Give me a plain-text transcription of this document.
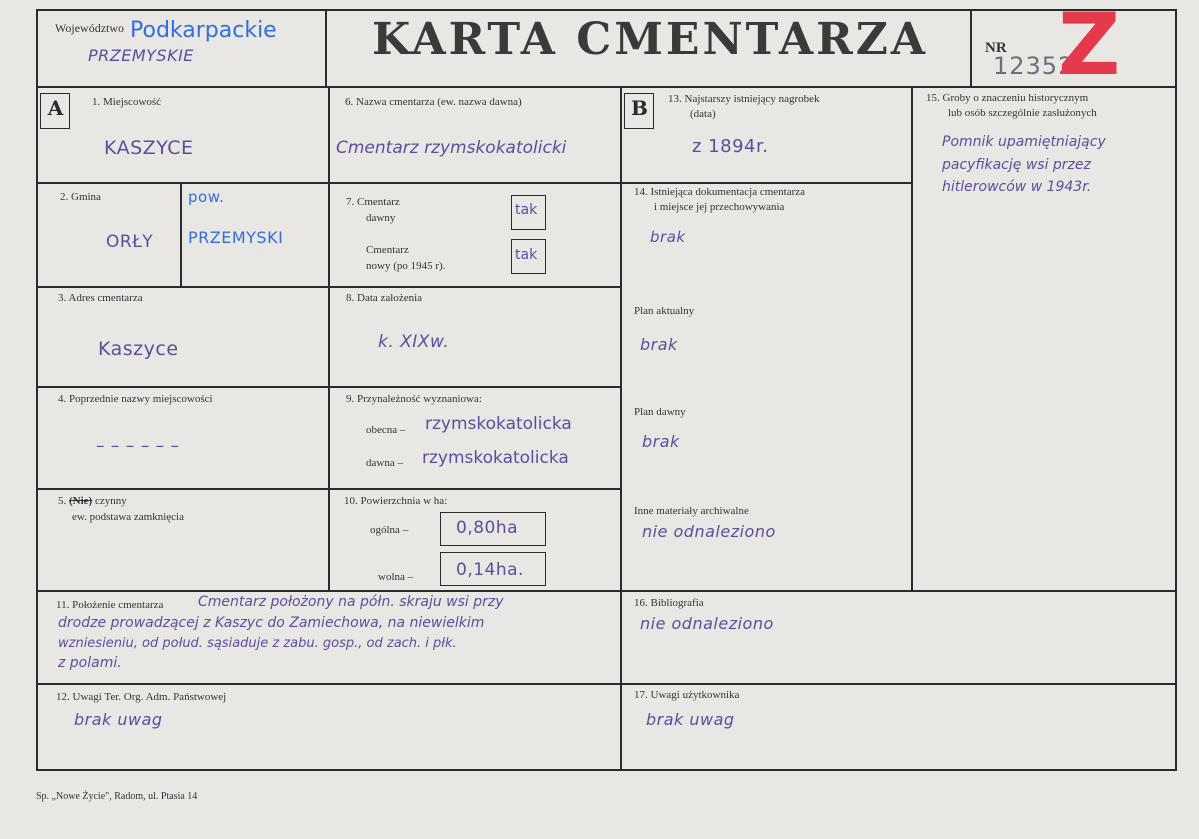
Województwo Podkarpackie
PRZEMYSKIE	KARTA CMENTARZA	NR
12352
Z
A	1. Miejscowość
KASZYCE
2. Gmina
ORŁY
pow.
PRZEMYSKI
3. Adres cmentarza
Kaszyce
4. Poprzednie nazwy miejscowości
– – – – – –
5. (Nie) czynny
ew. podstawa zamknięcia
6. Nazwa cmentarza (ew. nazwa dawna)
Cmentarz rzymskokatolicki
7. Cmentarz
dawny	tak
Cmentarz
nowy (po 1945 r).
tak
8. Data założenia
k. XIXw.
9. Przynależność wyznaniowa:
obecna – rzymskokatolicka
dawna – rzymskokatolicka
10. Powierzchnia w ha:
ogólna –	0,80ha
wolna –	0,14ha.
B	13. Najstarszy istniejący nagrobek
(data)
z 1894r.
14. Istniejąca dokumentacja cmentarza
i miejsce jej przechowywania
brak
Plan aktualny
brak
Plan dawny
brak
Inne materiały archiwalne
nie odnaleziono
15. Groby o znaczeniu historycznym
lub osób szczególnie zasłużonych
Pomnik upamiętniający
pacyfikację wsi przez
hitlerowców w 1943r.
11. Położenie cmentarza Cmentarz położony na półn. skraju wsi przy
drodze prowadzącej z Kaszyc do Zamiechowa, na niewielkim
wzniesieniu, od połud. sąsiaduje z zabu. gosp., od zach. i płk.
z polami.
16. Bibliografia
nie odnaleziono
12. Uwagi Ter. Org. Adm. Państwowej
brak uwag
17. Uwagi użytkownika
brak uwag
Sp. „Nowe Życie", Radom, ul. Ptasia 14
